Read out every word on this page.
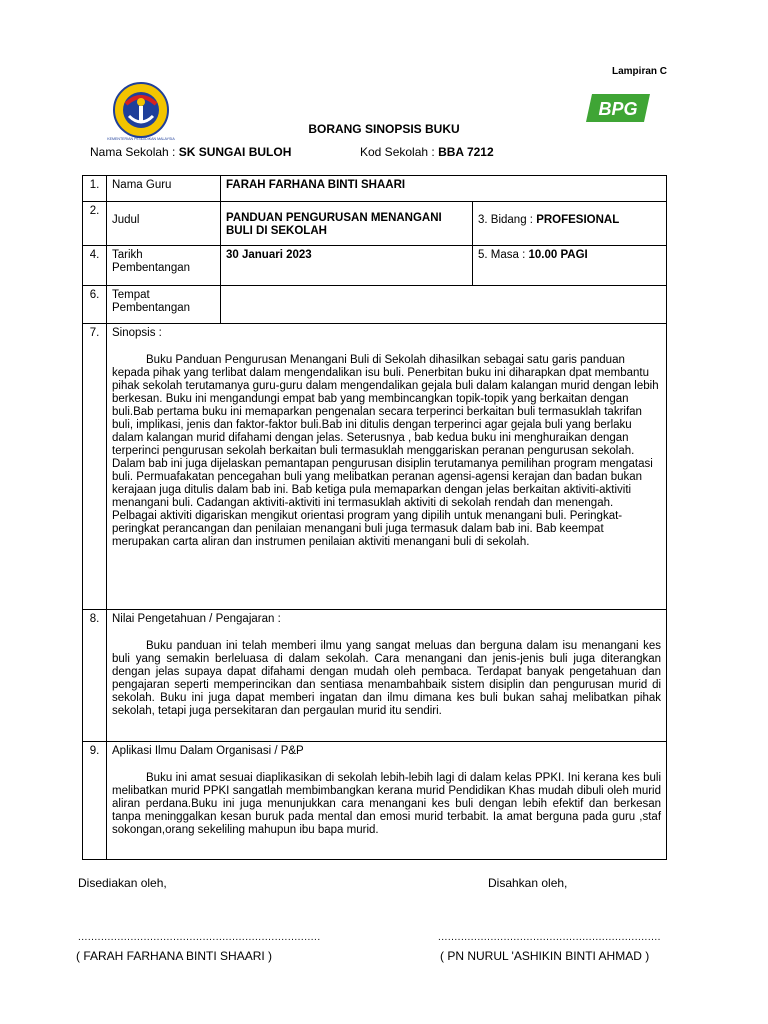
Lampiran C
KEMENTERIAN PENDIDIKAN MALAYSIA
BPG
BORANG SINOPSIS BUKU
Nama Sekolah : SK SUNGAI BULOH	Kod Sekolah : BBA 7212
1.	Nama Guru	FARAH FARHANA BINTI SHAARI	
2.	Judul	PANDUAN PENGURUSAN MENANGANI BULI DI SEKOLAH	3. Bidang : PROFESIONAL
4.	Tarikh Pembentangan	30 Januari 2023	5. Masa : 10.00 PAGI
6.	Tempat Pembentangan		
7.	Sinopsis :
Buku Panduan Pengurusan Menangani Buli di Sekolah dihasilkan sebagai satu garis panduan kepada pihak yang terlibat dalam mengendalikan isu buli. Penerbitan buku ini diharapkan dpat membantu pihak sekolah terutamanya guru-guru dalam mengendalikan gejala buli dalam kalangan murid dengan lebih berkesan. Buku ini mengandungi empat bab yang membincangkan topik-topik yang berkaitan dengan buli.Bab pertama buku ini memaparkan pengenalan secara terperinci berkaitan buli termasuklah takrifan buli, implikasi, jenis dan faktor-faktor buli.Bab ini ditulis dengan terperinci agar gejala buli yang berlaku dalam kalangan murid difahami dengan jelas. Seterusnya , bab kedua buku ini menghuraikan dengan terperinci pengurusan sekolah berkaitan buli termasuklah menggariskan peranan pengurusan sekolah. Dalam bab ini juga dijelaskan pemantapan pengurusan disiplin terutamanya pemilihan program mengatasi buli. Permuafakatan pencegahan buli yang melibatkan peranan agensi-agensi kerajan dan badan bukan kerajaan juga ditulis dalam bab ini. Bab ketiga pula memaparkan dengan jelas berkaitan aktiviti-aktiviti menangani buli. Cadangan aktiviti-aktiviti ini termasuklah aktiviti di sekolah rendah dan menengah. Pelbagai aktiviti digariskan mengikut orientasi program yang dipilih untuk menangani buli. Peringkat-peringkat perancangan dan penilaian menangani buli juga termasuk dalam bab ini. Bab keempat merupakan carta aliran dan instrumen penilaian aktiviti menangani buli di sekolah.		

8.	Nilai Pengetahuan / Pengajaran :
Buku panduan ini telah memberi ilmu yang sangat meluas dan berguna dalam isu menangani kes buli yang semakin berleluasa di dalam sekolah. Cara menangani dan jenis-jenis buli juga diterangkan dengan jelas supaya dapat difahami dengan mudah oleh pembaca. Terdapat banyak pengetahuan dan pengajaran seperti memperincikan dan sentiasa menambahbaik sistem disiplin dan pengurusan murid di sekolah. Buku ini juga dapat memberi ingatan dan ilmu dimana kes buli bukan sahaj melibatkan pihak sekolah, tetapi juga persekitaran dan pergaulan murid itu sendiri.		

9.	Aplikasi Ilmu Dalam Organisasi / P&P
Buku ini amat sesuai diaplikasikan di sekolah lebih-lebih lagi di dalam kelas PPKI. Ini kerana kes buli melibatkan murid PPKI sangatlah membimbangkan kerana murid Pendidikan Khas mudah dibuli oleh murid aliran perdana.Buku ini juga menunjukkan cara menangani kes buli dengan lebih efektif dan berkesan tanpa meninggalkan kesan buruk pada mental dan emosi murid terbabit. Ia amat berguna pada guru ,staf sokongan,orang sekeliling mahupun ibu bapa murid.		
Disediakan oleh,	Disahkan oleh,
..........................................................................	....................................................................
( FARAH FARHANA BINTI SHAARI )	( PN NURUL 'ASHIKIN BINTI AHMAD )
